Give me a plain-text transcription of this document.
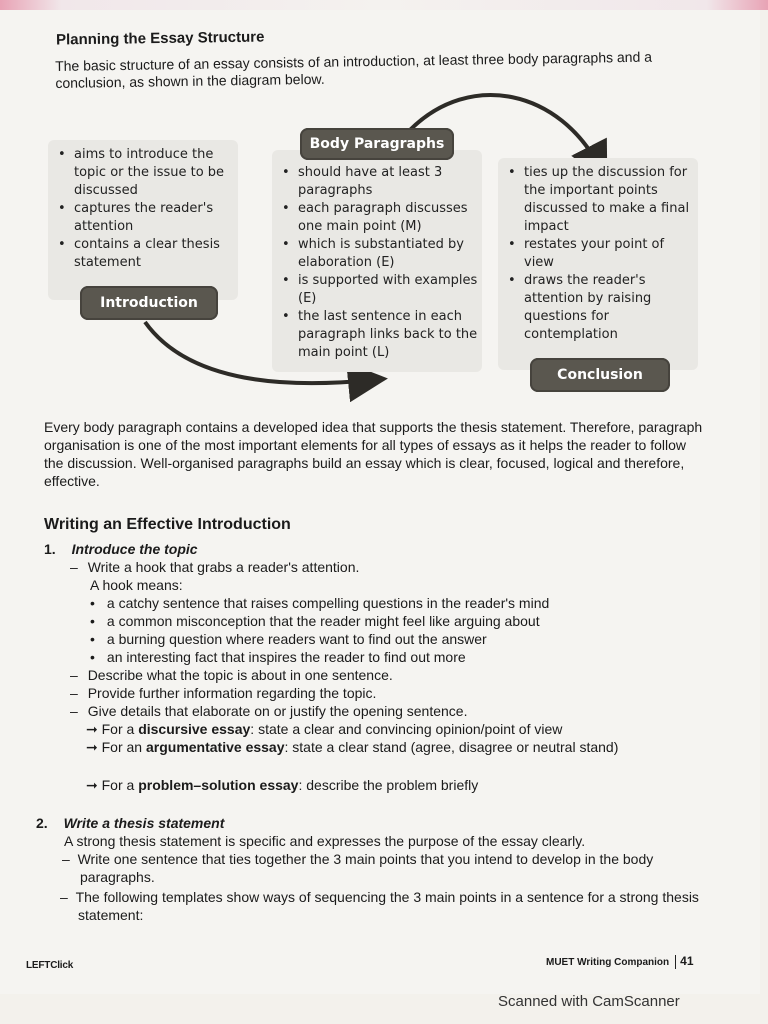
Planning the Essay Structure
The basic structure of an essay consists of an introduction, at least three body paragraphs and a conclusion, as shown in the diagram below.
• aims to introduce the topic or the issue to be discussed
• captures the reader's attention
• contains a clear thesis statement
• should have at least 3 paragraphs
• each paragraph discusses one main point (M)
• which is substantiated by elaboration (E)
• is supported with examples (E)
• the last sentence in each paragraph links back to the main point (L)
• ties up the discussion for the important points discussed to make a final impact
• restates your point of view
• draws the reader's attention by raising questions for contemplation
Body Paragraphs
Introduction
Conclusion
Every body paragraph contains a developed idea that supports the thesis statement. Therefore, paragraph organisation is one of the most important elements for all types of essays as it helps the reader to follow the discussion. Well-organised paragraphs build an essay which is clear, focused, logical and therefore, effective.
Writing an Effective Introduction
1. Introduce the topic
– Write a hook that grabs a reader's attention.
A hook means:
• a catchy sentence that raises compelling questions in the reader's mind
• a common misconception that the reader might feel like arguing about
• a burning question where readers want to find out the answer
• an interesting fact that inspires the reader to find out more
– Describe what the topic is about in one sentence.
– Provide further information regarding the topic.
– Give details that elaborate on or justify the opening sentence.
➞ For a discursive essay: state a clear and convincing opinion/point of view
➞ For an argumentative essay: state a clear stand (agree, disagree or neutral stand)
➞ For a problem–solution essay: describe the problem briefly
2. Write a thesis statement
A strong thesis statement is specific and expresses the purpose of the essay clearly.
–  Write one sentence that ties together the 3 main points that you intend to develop in the body paragraphs.
–  The following templates show ways of sequencing the 3 main points in a sentence for a strong thesis statement:
LEFTClick	MUET Writing Companion 41
Scanned with CamScanner
